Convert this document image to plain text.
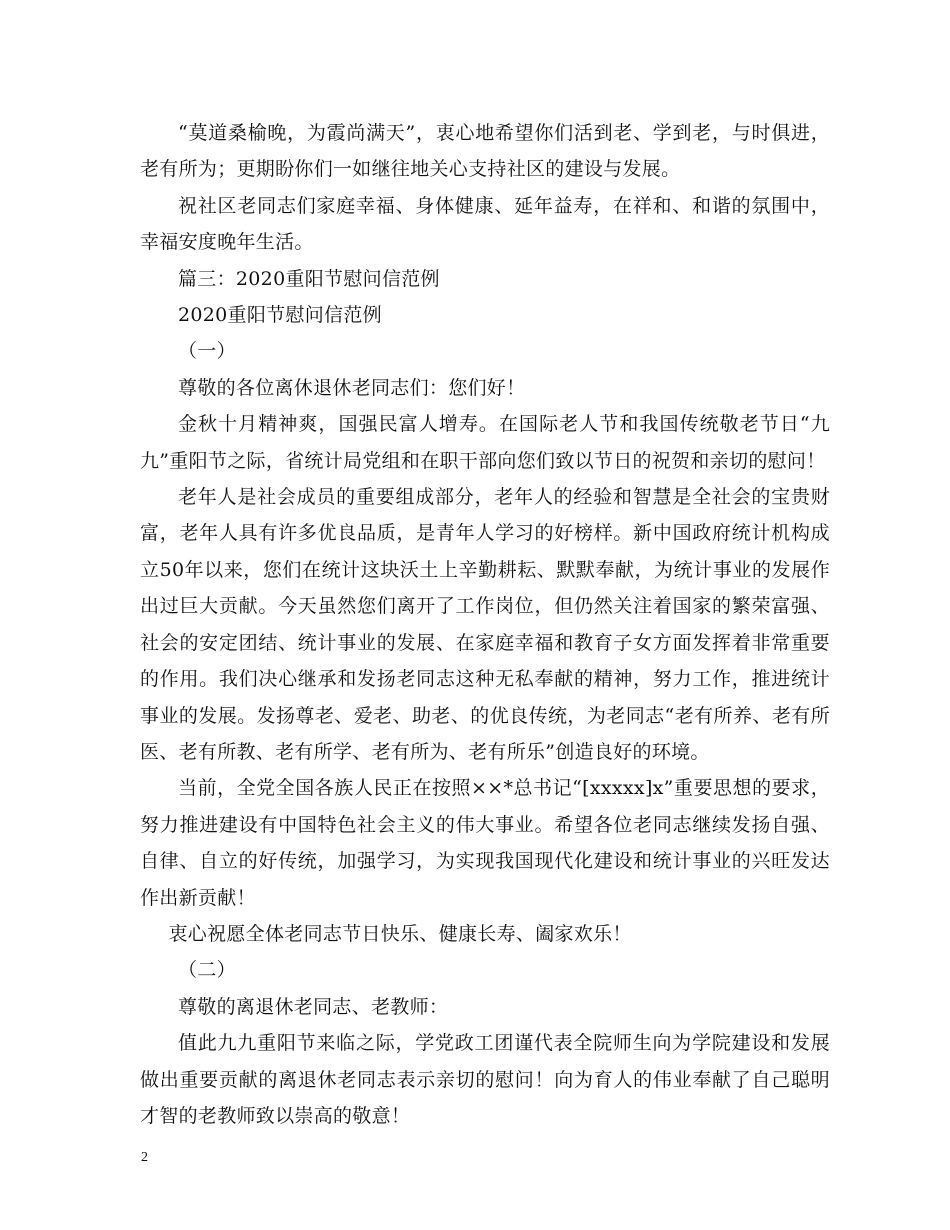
“莫道桑榆晚，为霞尚满天”，衷心地希望你们活到老、学到老，与时俱进，老有所为；更期盼你们一如继往地关心支持社区的建设与发展。

祝社区老同志们家庭幸福、身体健康、延年益寿，在祥和、和谐的氛围中，幸福安度晚年生活。

篇三：2020重阳节慰问信范例

2020重阳节慰问信范例

（一）

尊敬的各位离休退休老同志们：您们好！

金秋十月精神爽，国强民富人增寿。在国际老人节和我国传统敬老节日“九九”重阳节之际，省统计局党组和在职干部向您们致以节日的祝贺和亲切的慰问！

老年人是社会成员的重要组成部分，老年人的经验和智慧是全社会的宝贵财富，老年人具有许多优良品质，是青年人学习的好榜样。新中国政府统计机构成立50年以来，您们在统计这块沃土上辛勤耕耘、默默奉献，为统计事业的发展作出过巨大贡献。今天虽然您们离开了工作岗位，但仍然关注着国家的繁荣富强、社会的安定团结、统计事业的发展、在家庭幸福和教育子女方面发挥着非常重要的作用。我们决心继承和发扬老同志这种无私奉献的精神，努力工作，推进统计事业的发展。发扬尊老、爱老、助老、的优良传统，为老同志“老有所养、老有所医、老有所教、老有所学、老有所为、老有所乐”创造良好的环境。

当前，全党全国各族人民正在按照××*总书记“[xxxxx]x”重要思想的要求，努力推进建设有中国特色社会主义的伟大事业。希望各位老同志继续发扬自强、自律、自立的好传统，加强学习，为实现我国现代化建设和统计事业的兴旺发达作出新贡献！

衷心祝愿全体老同志节日快乐、健康长寿、阖家欢乐！

（二）

尊敬的离退休老同志、老教师：

值此九九重阳节来临之际，学党政工团谨代表全院师生向为学院建设和发展做出重要贡献的离退休老同志表示亲切的慰问！向为育人的伟业奉献了自己聪明才智的老教师致以崇高的敬意！

2
